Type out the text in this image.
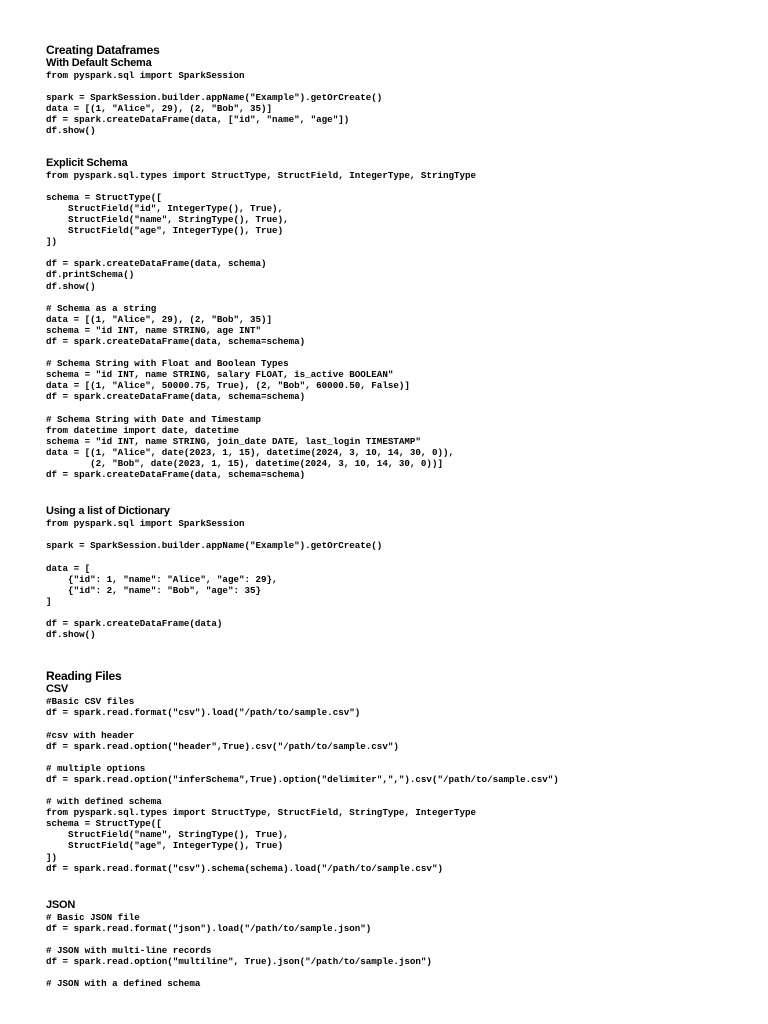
Creating Dataframes
With Default Schema
from pyspark.sql import SparkSession

spark = SparkSession.builder.appName("Example").getOrCreate()
data = [(1, "Alice", 29), (2, "Bob", 35)]
df = spark.createDataFrame(data, ["id", "name", "age"])
df.show()
Explicit Schema
from pyspark.sql.types import StructType, StructField, IntegerType, StringType

schema = StructType([
StructField("id", IntegerType(), True),
StructField("name", StringType(), True),
StructField("age", IntegerType(), True)
])

df = spark.createDataFrame(data, schema)
df.printSchema()
df.show()

# Schema as a string
data = [(1, "Alice", 29), (2, "Bob", 35)]
schema = "id INT, name STRING, age INT"
df = spark.createDataFrame(data, schema=schema)

# Schema String with Float and Boolean Types
schema = "id INT, name STRING, salary FLOAT, is_active BOOLEAN"
data = [(1, "Alice", 50000.75, True), (2, "Bob", 60000.50, False)]
df = spark.createDataFrame(data, schema=schema)

# Schema String with Date and Timestamp
from datetime import date, datetime
schema = "id INT, name STRING, join_date DATE, last_login TIMESTAMP"
data = [(1, "Alice", date(2023, 1, 15), datetime(2024, 3, 10, 14, 30, 0)),
(2, "Bob", date(2023, 1, 15), datetime(2024, 3, 10, 14, 30, 0))]
df = spark.createDataFrame(data, schema=schema)
Using a list of Dictionary
from pyspark.sql import SparkSession

spark = SparkSession.builder.appName("Example").getOrCreate()

data = [
{"id": 1, "name": "Alice", "age": 29},
{"id": 2, "name": "Bob", "age": 35}
]

df = spark.createDataFrame(data)
df.show()
Reading Files
CSV
#Basic CSV files
df = spark.read.format("csv").load("/path/to/sample.csv")

#csv with header
df = spark.read.option("header",True).csv("/path/to/sample.csv")

# multiple options
df = spark.read.option("inferSchema",True).option("delimiter",",").csv("/path/to/sample.csv")

# with defined schema
from pyspark.sql.types import StructType, StructField, StringType, IntegerType
schema = StructType([
StructField("name", StringType(), True),
StructField("age", IntegerType(), True)
])
df = spark.read.format("csv").schema(schema).load("/path/to/sample.csv")
JSON
# Basic JSON file
df = spark.read.format("json").load("/path/to/sample.json")

# JSON with multi-line records
df = spark.read.option("multiline", True).json("/path/to/sample.json")

# JSON with a defined schema
